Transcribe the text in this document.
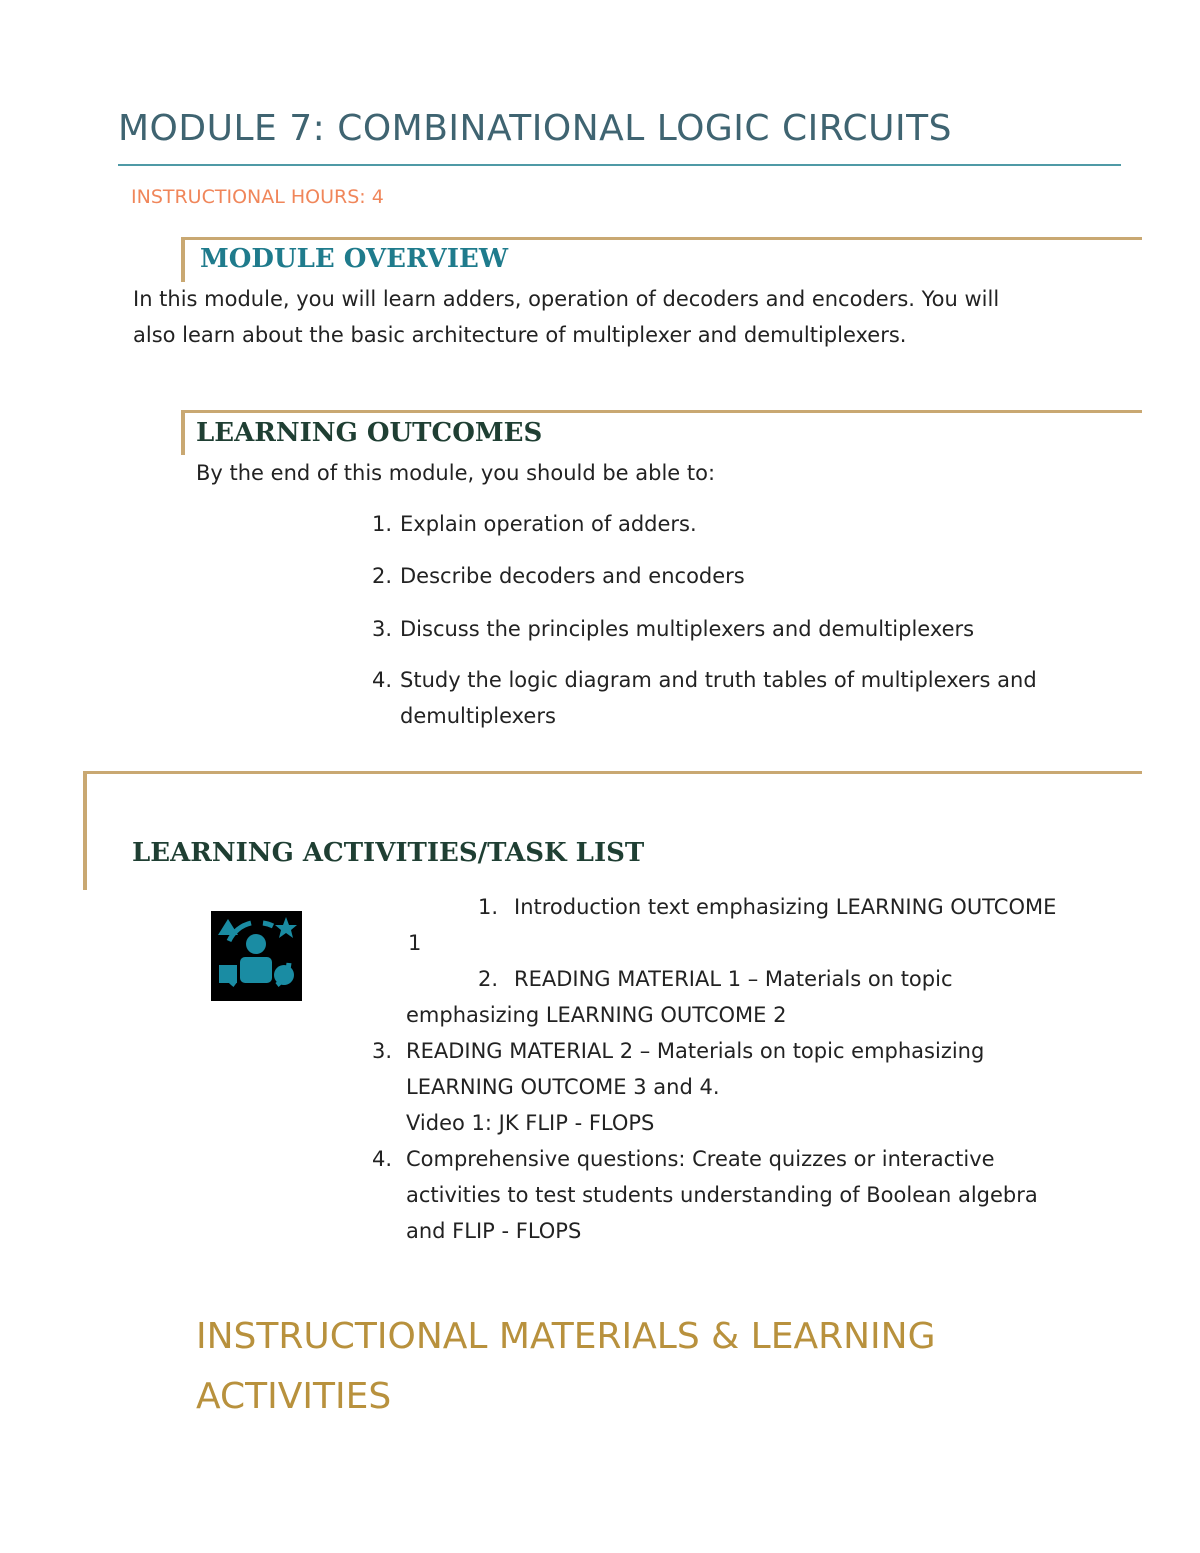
MODULE 7: COMBINATIONAL LOGIC CIRCUITS
INSTRUCTIONAL HOURS: 4
MODULE OVERVIEW
In this module, you will learn adders, operation of decoders and encoders. You will
also learn about the basic architecture of multiplexer and demultiplexers.
LEARNING OUTCOMES
By the end of this module, you should be able to:
1. Explain operation of adders.
2. Describe decoders and encoders
3. Discuss the principles multiplexers and demultiplexers
4. Study the logic diagram and truth tables of multiplexers and
demultiplexers
LEARNING ACTIVITIES/TASK LIST
1. Introduction text emphasizing LEARNING OUTCOME
1
2. READING MATERIAL 1 – Materials on topic
emphasizing LEARNING OUTCOME 2
3. READING MATERIAL 2 – Materials on topic emphasizing
LEARNING OUTCOME 3 and 4.
Video 1: JK FLIP - FLOPS
4. Comprehensive questions: Create quizzes or interactive
activities to test students understanding of Boolean algebra
and FLIP - FLOPS
INSTRUCTIONAL MATERIALS & LEARNING
ACTIVITIES
